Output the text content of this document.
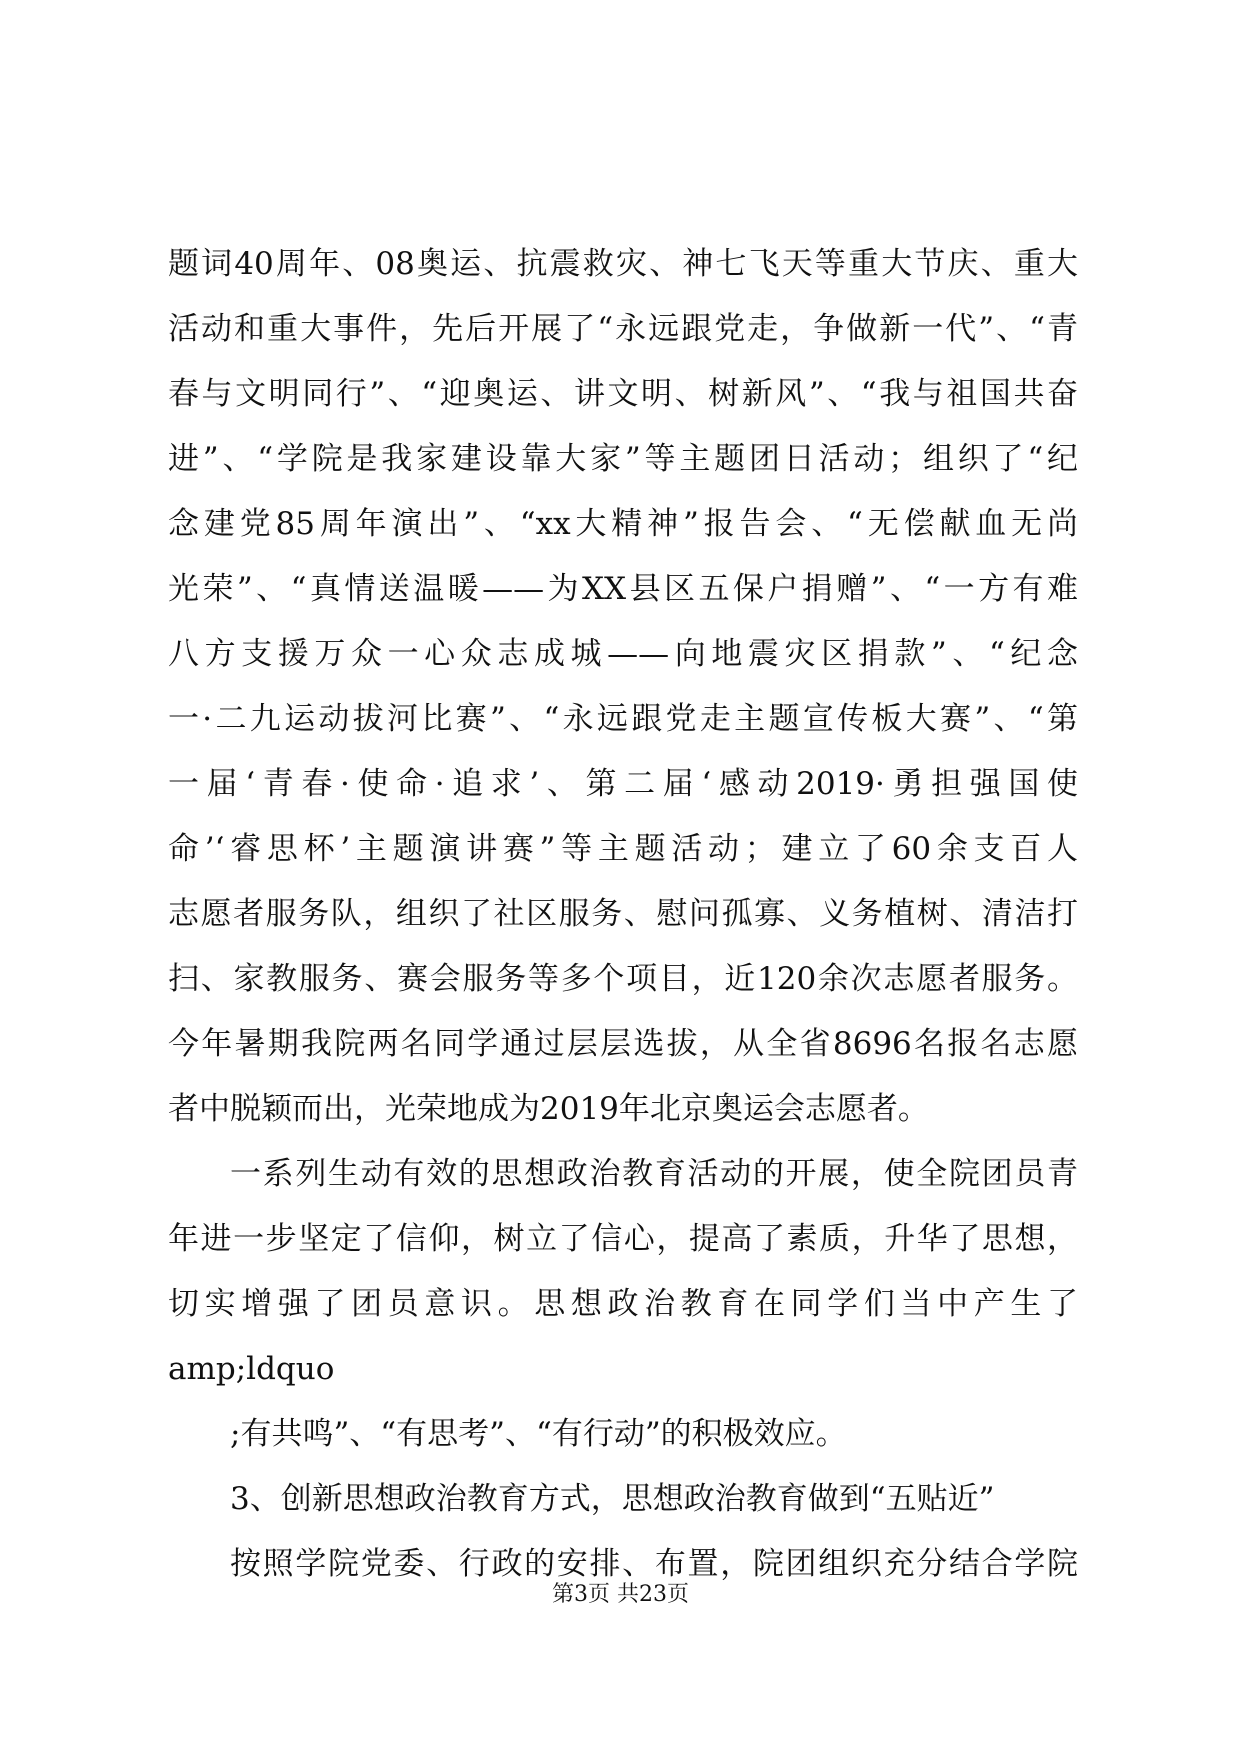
题词40周年、08奥运、抗震救灾、神七飞天等重大节庆、重大
活动和重大事件，先后开展了“永远跟党走，争做新一代”、“青
春与文明同行”、“迎奥运、讲文明、树新风”、“我与祖国共奋
进”、“学院是我家建设靠大家”等主题团日活动；组织了“纪
念建党85周年演出”、“xx大精神”报告会、“无偿献血无尚
光荣”、“真情送温暖——为XX县区五保户捐赠”、“一方有难
八方支援万众一心众志成城——向地震灾区捐款”、“纪念
一·二九运动拔河比赛”、“永远跟党走主题宣传板大赛”、“第
一届‘青春·使命·追求’、第二届‘感动2019·勇担强国使
命’‘睿思杯’主题演讲赛”等主题活动；建立了60余支百人
志愿者服务队，组织了社区服务、慰问孤寡、义务植树、清洁打
扫、家教服务、赛会服务等多个项目，近120余次志愿者服务。
今年暑期我院两名同学通过层层选拔，从全省8696名报名志愿
者中脱颖而出，光荣地成为2019年北京奥运会志愿者。
一系列生动有效的思想政治教育活动的开展，使全院团员青
年进一步坚定了信仰，树立了信心，提高了素质，升华了思想，
切实增强了团员意识。思想政治教育在同学们当中产生了
amp;ldquo
;有共鸣”、“有思考”、“有行动”的积极效应。
3、创新思想政治教育方式，思想政治教育做到“五贴近”
按照学院党委、行政的安排、布置，院团组织充分结合学院
第3页 共23页
